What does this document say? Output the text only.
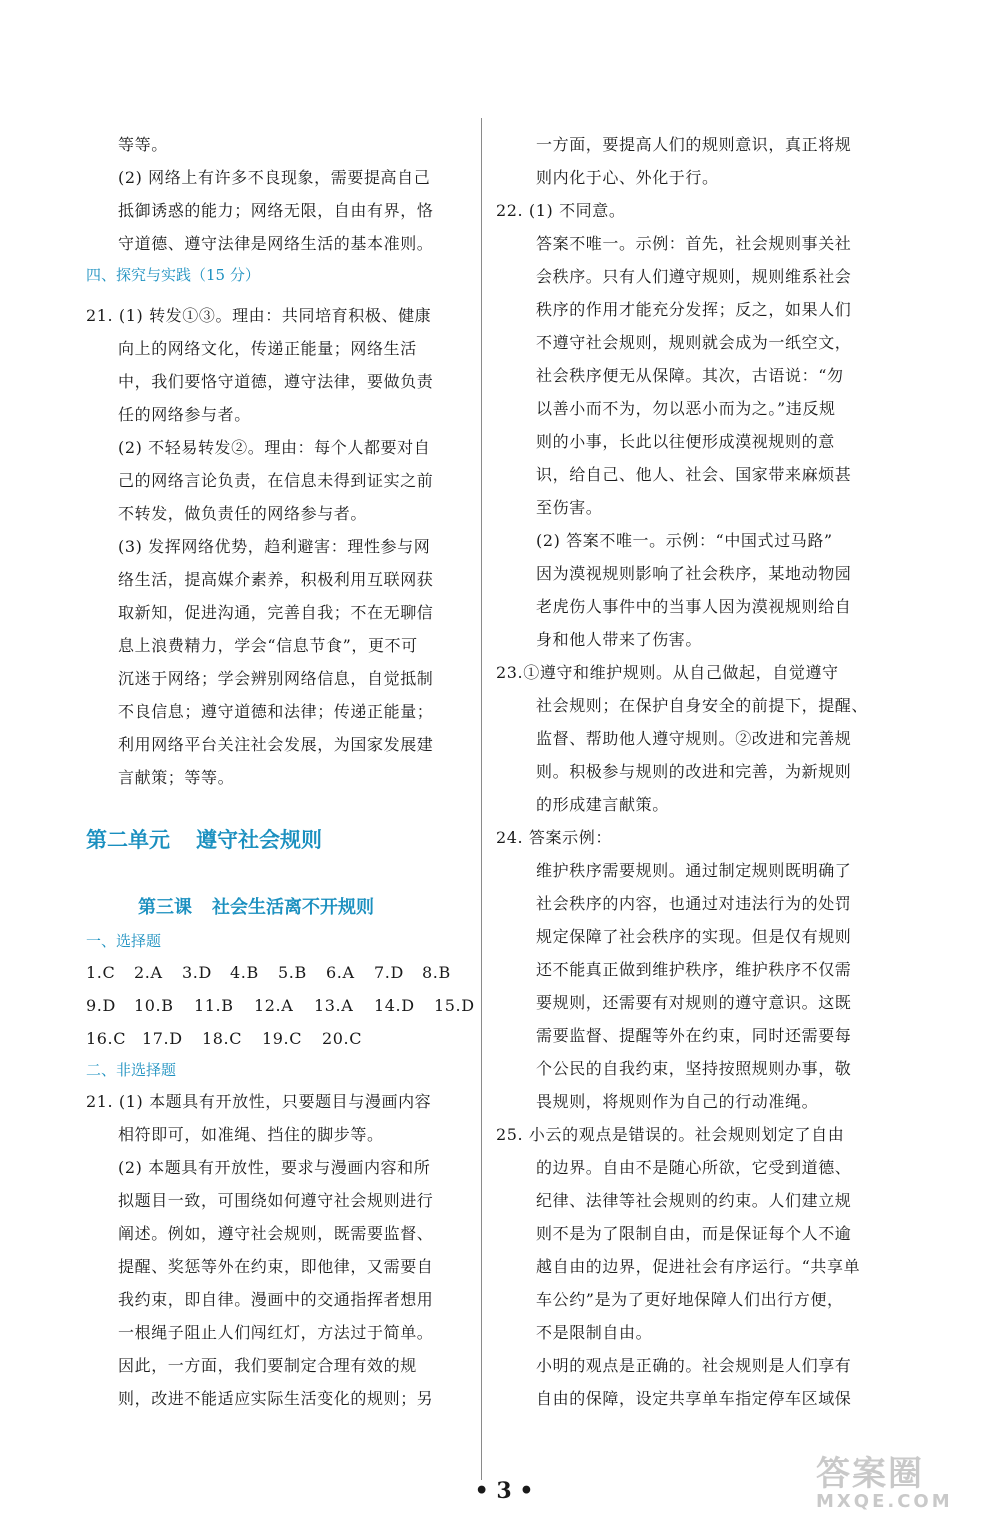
等等。
(2) 网络上有许多不良现象，需要提高自己
抵御诱惑的能力；网络无限，自由有界，恪
守道德、遵守法律是网络生活的基本准则。
四、探究与实践（15 分）
21. (1) 转发①③。理由：共同培育积极、健康
向上的网络文化，传递正能量；网络生活
中，我们要恪守道德，遵守法律，要做负责
任的网络参与者。
(2) 不轻易转发②。理由：每个人都要对自
己的网络言论负责，在信息未得到证实之前
不转发，做负责任的网络参与者。
(3) 发挥网络优势，趋利避害：理性参与网
络生活，提高媒介素养，积极利用互联网获
取新知，促进沟通，完善自我；不在无聊信
息上浪费精力，学会“信息节食”，更不可
沉迷于网络；学会辨别网络信息，自觉抵制
不良信息；遵守道德和法律；传递正能量；
利用网络平台关注社会发展，为国家发展建
言献策；等等。
第二单元 遵守社会规则
第三课 社会生活离不开规则
一、选择题
1.C 2.A 3.D 4.B 5.B 6.A 7.D 8.B
9.D 10.B 11.B 12.A 13.A 14.D 15.D
16.C 17.D 18.C 19.C 20.C
二、非选择题
21. (1) 本题具有开放性，只要题目与漫画内容
相符即可，如准绳、挡住的脚步等。
(2) 本题具有开放性，要求与漫画内容和所
拟题目一致，可围绕如何遵守社会规则进行
阐述。例如，遵守社会规则，既需要监督、
提醒、奖惩等外在约束，即他律，又需要自
我约束，即自律。漫画中的交通指挥者想用
一根绳子阻止人们闯红灯，方法过于简单。
因此，一方面，我们要制定合理有效的规
则，改进不能适应实际生活变化的规则；另
一方面，要提高人们的规则意识，真正将规
则内化于心、外化于行。
22. (1) 不同意。
答案不唯一。示例：首先，社会规则事关社
会秩序。只有人们遵守规则，规则维系社会
秩序的作用才能充分发挥；反之，如果人们
不遵守社会规则，规则就会成为一纸空文，
社会秩序便无从保障。其次，古语说：“勿
以善小而不为，勿以恶小而为之。”违反规
则的小事，长此以往便形成漠视规则的意
识，给自己、他人、社会、国家带来麻烦甚
至伤害。
(2) 答案不唯一。示例：“中国式过马路”
因为漠视规则影响了社会秩序，某地动物园
老虎伤人事件中的当事人因为漠视规则给自
身和他人带来了伤害。
23.①遵守和维护规则。从自己做起，自觉遵守
社会规则；在保护自身安全的前提下，提醒、
监督、帮助他人遵守规则。②改进和完善规
则。积极参与规则的改进和完善，为新规则
的形成建言献策。
24. 答案示例：
维护秩序需要规则。通过制定规则既明确了
社会秩序的内容，也通过对违法行为的处罚
规定保障了社会秩序的实现。但是仅有规则
还不能真正做到维护秩序，维护秩序不仅需
要规则，还需要有对规则的遵守意识。这既
需要监督、提醒等外在约束，同时还需要每
个公民的自我约束，坚持按照规则办事，敬
畏规则，将规则作为自己的行动准绳。
25. 小云的观点是错误的。社会规则划定了自由
的边界。自由不是随心所欲，它受到道德、
纪律、法律等社会规则的约束。人们建立规
则不是为了限制自由，而是保证每个人不逾
越自由的边界，促进社会有序运行。“共享单
车公约”是为了更好地保障人们出行方便，
不是限制自由。
小明的观点是正确的。社会规则是人们享有
自由的保障，设定共享单车指定停车区域保
• 3 •	答案圈
MXQE.COM
